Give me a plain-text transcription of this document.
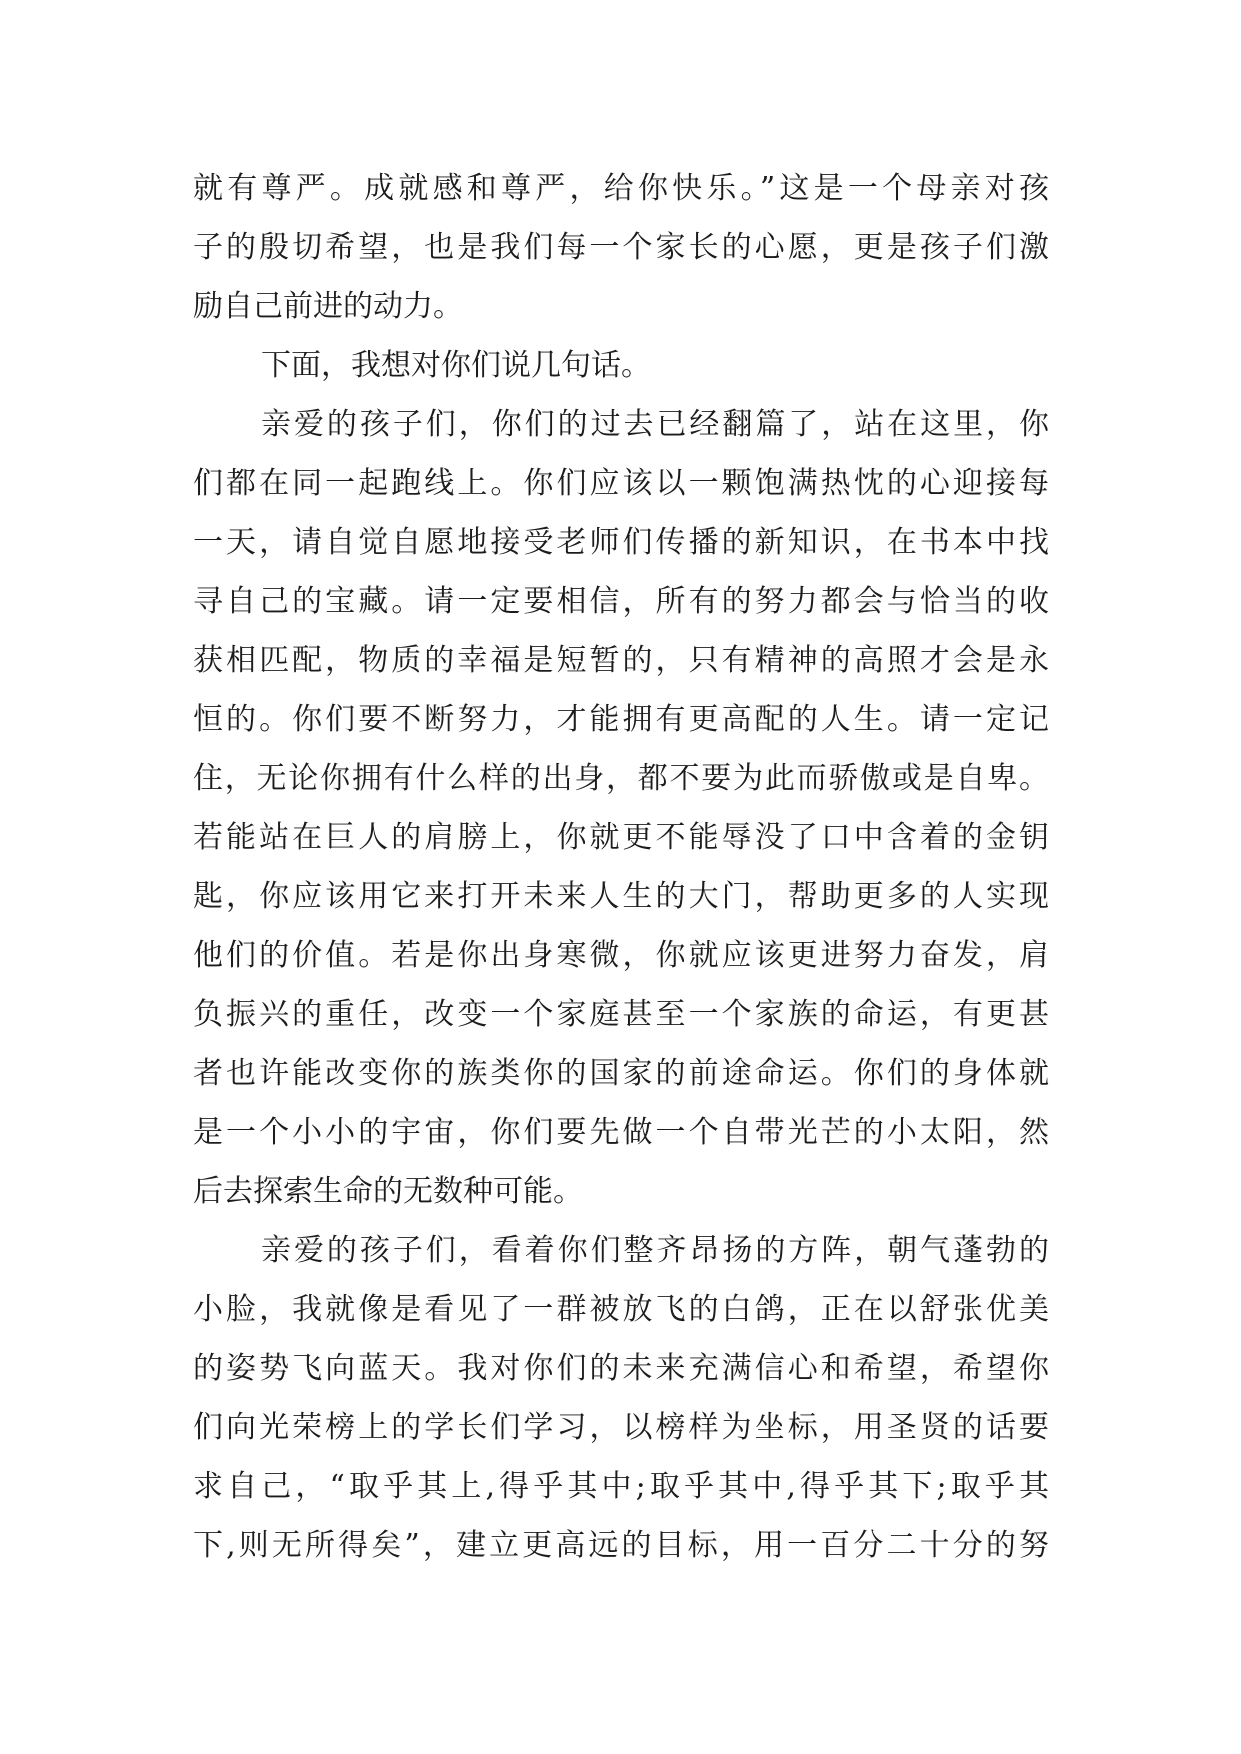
就有尊严。成就感和尊严，给你快乐。”这是一个母亲对孩
子的殷切希望，也是我们每一个家长的心愿，更是孩子们激
励自己前进的动力。
下面，我想对你们说几句话。
亲爱的孩子们，你们的过去已经翻篇了，站在这里，你
们都在同一起跑线上。你们应该以一颗饱满热忱的心迎接每
一天，请自觉自愿地接受老师们传播的新知识，在书本中找
寻自己的宝藏。请一定要相信，所有的努力都会与恰当的收
获相匹配，物质的幸福是短暂的，只有精神的高照才会是永
恒的。你们要不断努力，才能拥有更高配的人生。请一定记
住，无论你拥有什么样的出身，都不要为此而骄傲或是自卑。
若能站在巨人的肩膀上，你就更不能辱没了口中含着的金钥
匙，你应该用它来打开未来人生的大门，帮助更多的人实现
他们的价值。若是你出身寒微，你就应该更进努力奋发，肩
负振兴的重任，改变一个家庭甚至一个家族的命运，有更甚
者也许能改变你的族类你的国家的前途命运。你们的身体就
是一个小小的宇宙，你们要先做一个自带光芒的小太阳，然
后去探索生命的无数种可能。
亲爱的孩子们，看着你们整齐昂扬的方阵，朝气蓬勃的
小脸，我就像是看见了一群被放飞的白鸽，正在以舒张优美
的姿势飞向蓝天。我对你们的未来充满信心和希望，希望你
们向光荣榜上的学长们学习，以榜样为坐标，用圣贤的话要
求自己，“取乎其上,得乎其中;取乎其中,得乎其下;取乎其
下,则无所得矣”，建立更高远的目标，用一百分二十分的努
